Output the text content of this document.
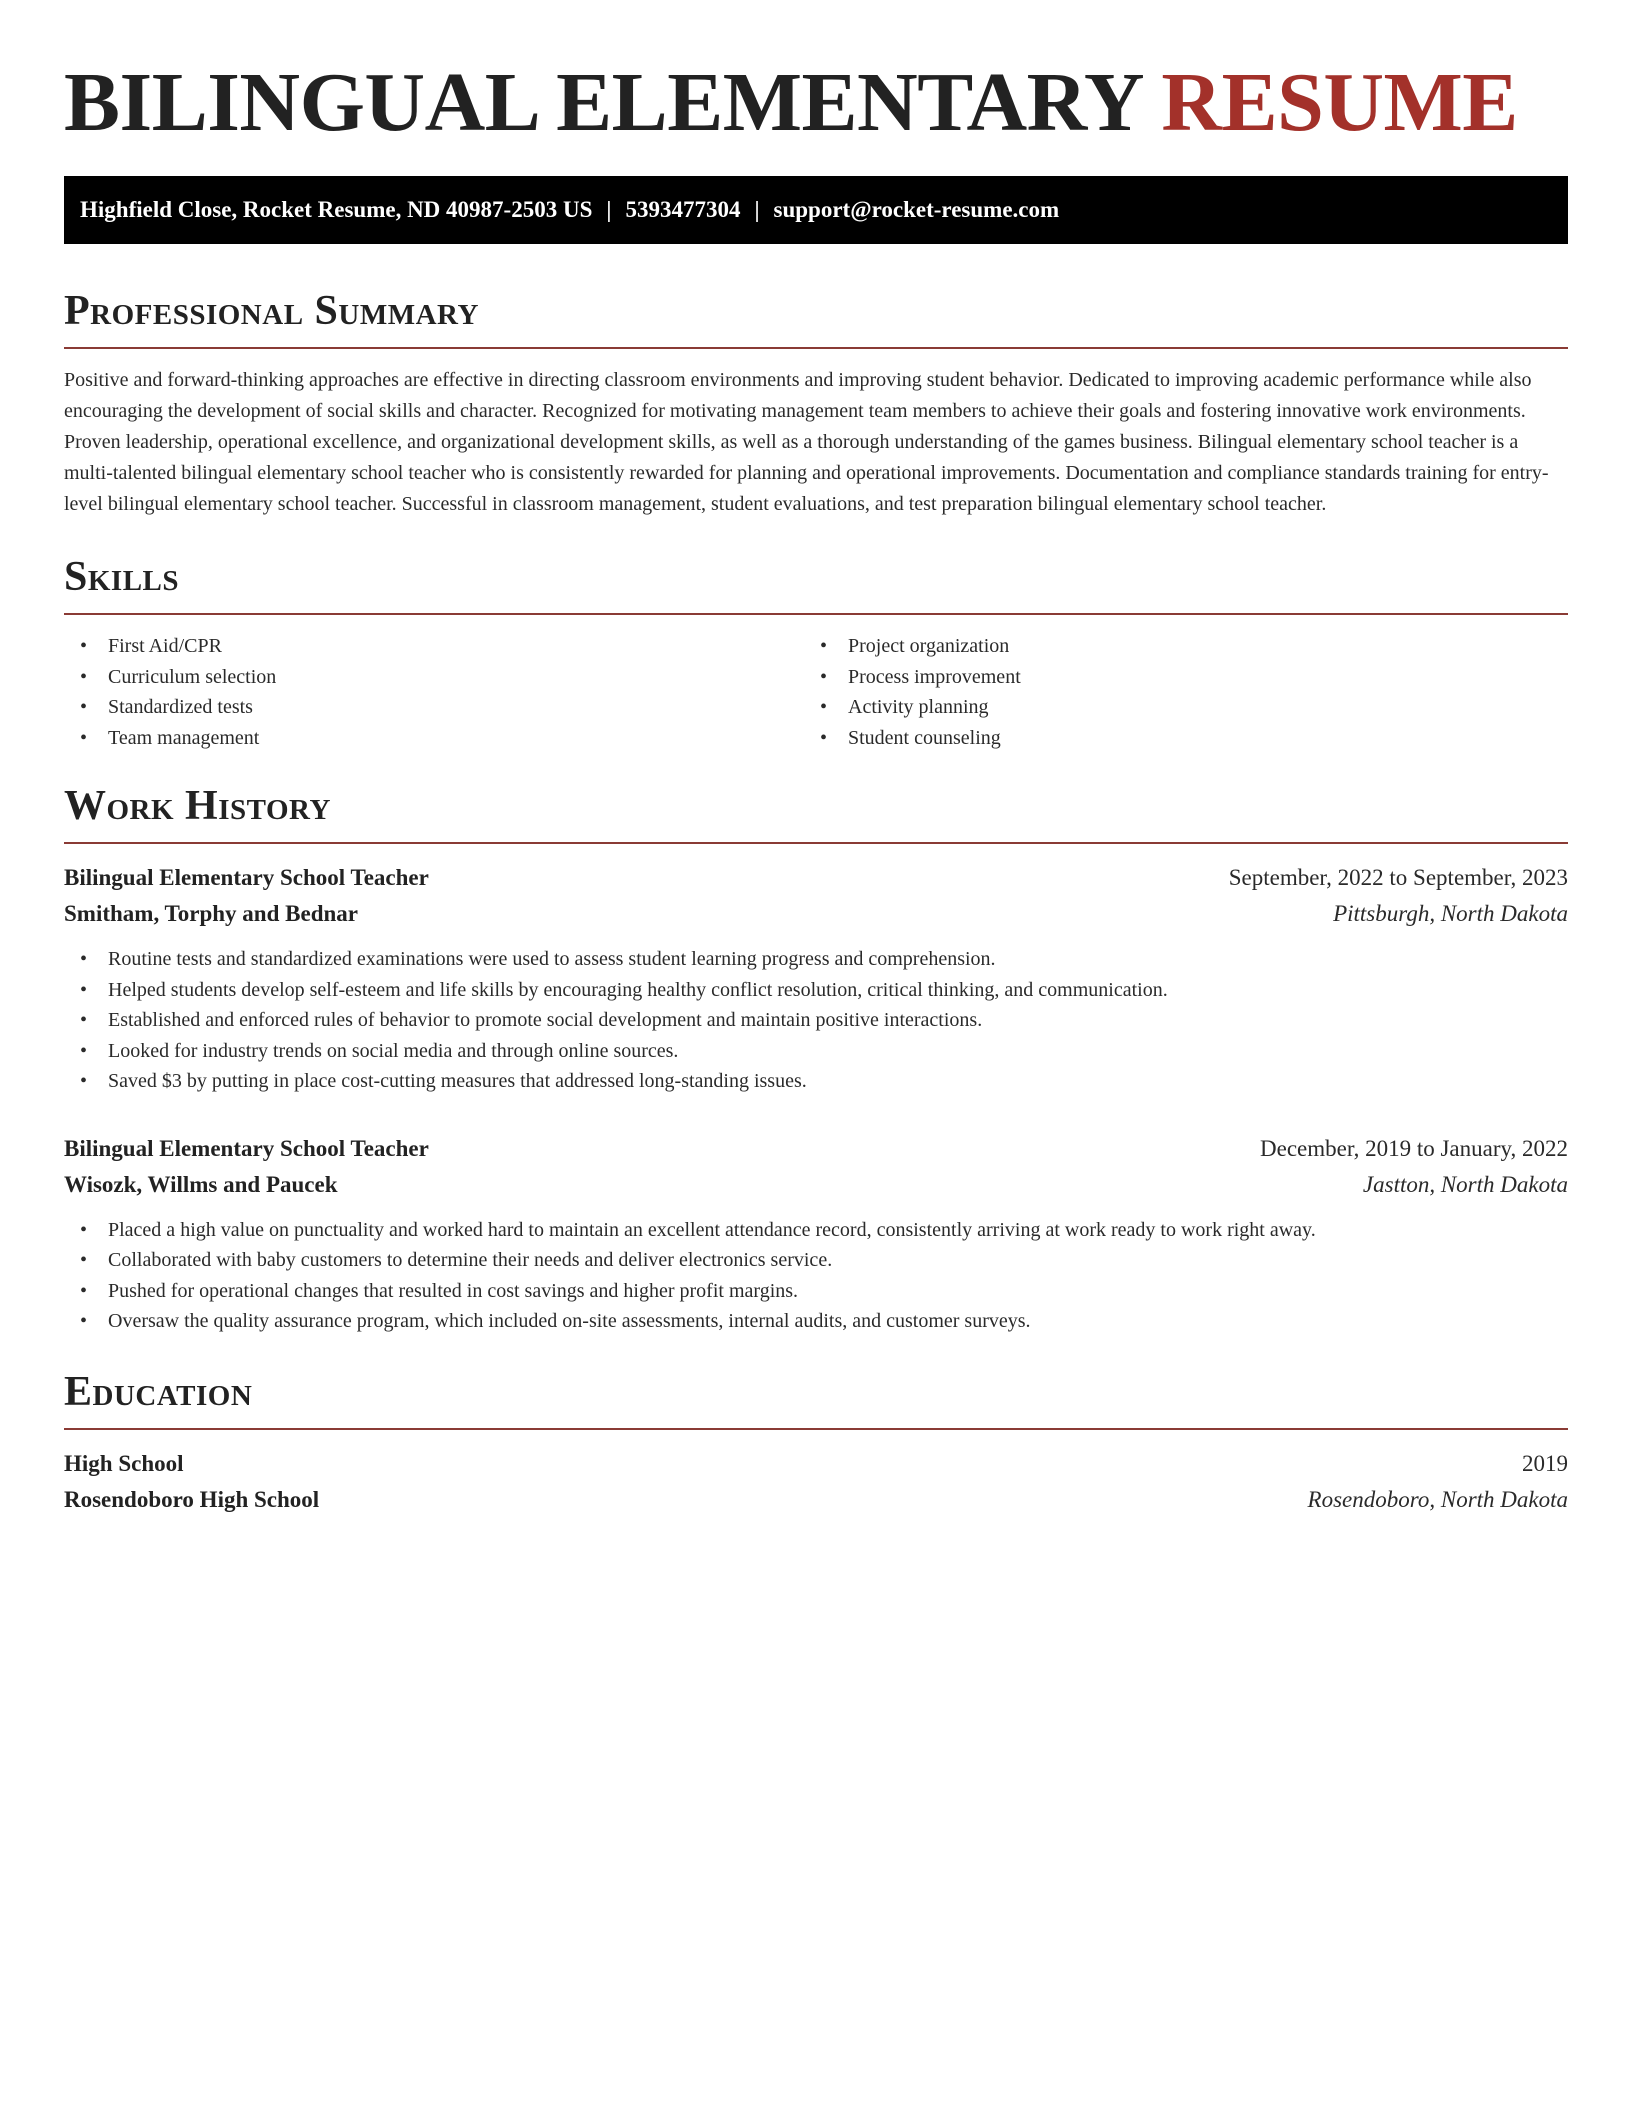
BILINGUAL ELEMENTARY RESUME
Highfield Close, Rocket Resume, ND 40987-2503 US | 5393477304 | support@rocket-resume.com
Professional Summary

Positive and forward-thinking approaches are effective in directing classroom environments and improving student behavior. Dedicated to improving academic performance while also encouraging the development of social skills and character. Recognized for motivating management team members to achieve their goals and fostering innovative work environments. Proven leadership, operational excellence, and organizational development skills, as well as a thorough understanding of the games business. Bilingual elementary school teacher is a multi-talented bilingual elementary school teacher who is consistently rewarded for planning and operational improvements. Documentation and compliance standards training for entry-level bilingual elementary school teacher. Successful in classroom management, student evaluations, and test preparation bilingual elementary school teacher.

Skills
• First Aid/CPR
• Curriculum selection
• Standardized tests
• Team management
• Project organization
• Process improvement
• Activity planning
• Student counseling
Work History
Bilingual Elementary School Teacher	September, 2022 to September, 2023
Smitham, Torphy and Bednar	Pittsburgh, North Dakota
• Routine tests and standardized examinations were used to assess student learning progress and comprehension.
• Helped students develop self-esteem and life skills by encouraging healthy conflict resolution, critical thinking, and communication.
• Established and enforced rules of behavior to promote social development and maintain positive interactions.
• Looked for industry trends on social media and through online sources.
• Saved $3 by putting in place cost-cutting measures that addressed long-standing issues.
Bilingual Elementary School Teacher	December, 2019 to January, 2022
Wisozk, Willms and Paucek	Jastton, North Dakota
• Placed a high value on punctuality and worked hard to maintain an excellent attendance record, consistently arriving at work ready to work right away.
• Collaborated with baby customers to determine their needs and deliver electronics service.
• Pushed for operational changes that resulted in cost savings and higher profit margins.
• Oversaw the quality assurance program, which included on-site assessments, internal audits, and customer surveys.
Education
High School	2019
Rosendoboro High School	Rosendoboro, North Dakota
